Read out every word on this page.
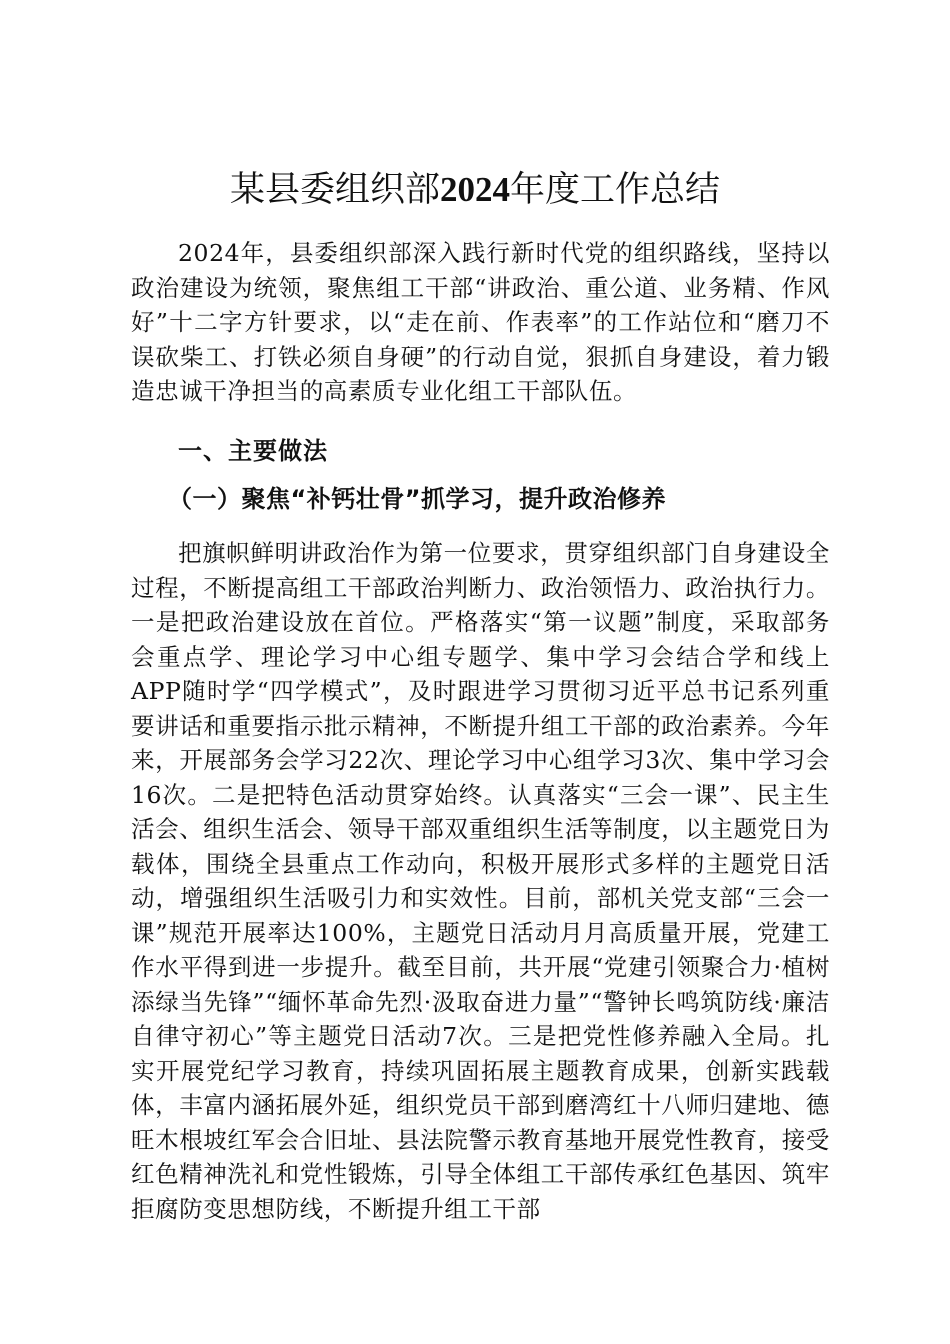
某县委组织部2024年度工作总结

2024年，县委组织部深入践行新时代党的组织路线，坚持以政治建设为统领，聚焦组工干部“讲政治、重公道、业务精、作风好”十二字方针要求，以“走在前、作表率”的工作站位和“磨刀不误砍柴工、打铁必须自身硬”的行动自觉，狠抓自身建设，着力锻造忠诚干净担当的高素质专业化组工干部队伍。

一、主要做法
（一）聚焦“补钙壮骨”抓学习，提升政治修养

把旗帜鲜明讲政治作为第一位要求，贯穿组织部门自身建设全过程，不断提高组工干部政治判断力、政治领悟力、政治执行力。一是把政治建设放在首位。严格落实“第一议题”制度，采取部务会重点学、理论学习中心组专题学、集中学习会结合学和线上APP随时学“四学模式”，及时跟进学习贯彻习近平总书记系列重要讲话和重要指示批示精神，不断提升组工干部的政治素养。今年来，开展部务会学习22次、理论学习中心组学习3次、集中学习会16次。二是把特色活动贯穿始终。认真落实“三会一课”、民主生活会、组织生活会、领导干部双重组织生活等制度，以主题党日为载体，围绕全县重点工作动向，积极开展形式多样的主题党日活动，增强组织生活吸引力和实效性。目前，部机关党支部“三会一课”规范开展率达100%，主题党日活动月月高质量开展，党建工作水平得到进一步提升。截至目前，共开展“党建引领聚合力·植树添绿当先锋”“缅怀革命先烈·汲取奋进力量”“警钟长鸣筑防线·廉洁自律守初心”等主题党日活动7次。三是把党性修养融入全局。扎实开展党纪学习教育，持续巩固拓展主题教育成果，创新实践载体，丰富内涵拓展外延，组织党员干部到磨湾红十八师归建地、德旺木根坡红军会合旧址、县法院警示教育基地开展党性教育，接受红色精神洗礼和党性锻炼，引导全体组工干部传承红色基因、筑牢拒腐防变思想防线，不断提升组工干部
